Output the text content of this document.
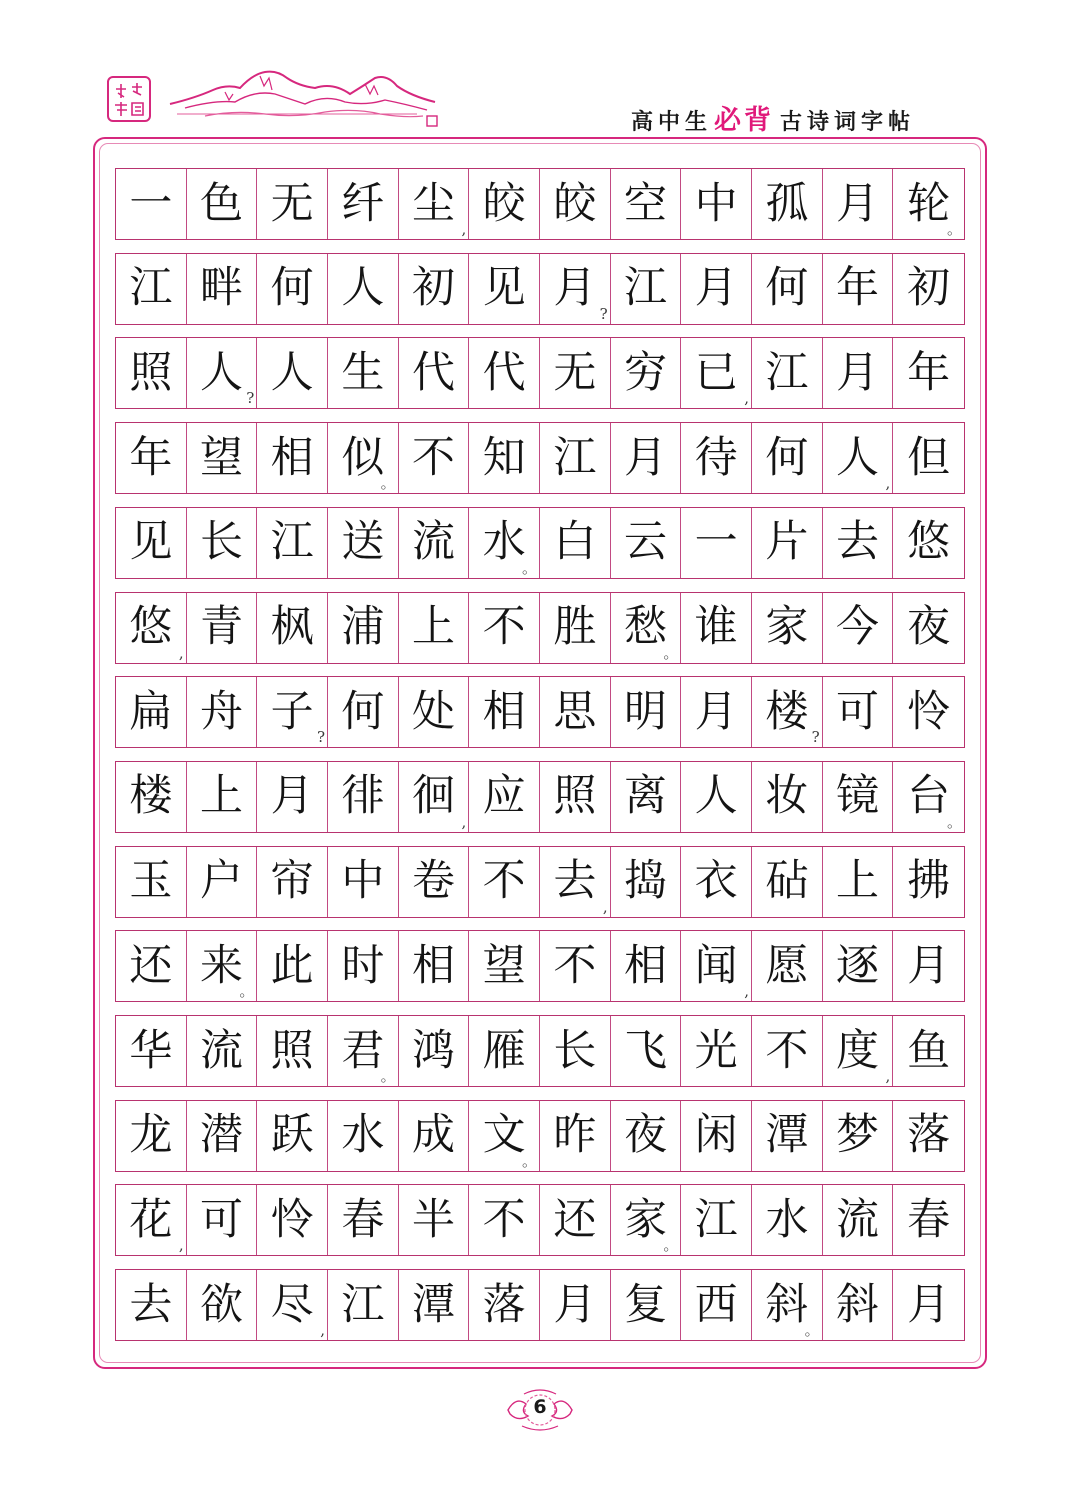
高中生 必背 古诗词字帖
一 色 无 纤 尘
,
皎 皎 空 中 孤 月 轮
。
江 畔 何 人 初 见 月
?
江 月 何 年 初
照 人
?
人 生 代 代 无 穷 已
,
江 月 年
年 望 相 似
。
不 知 江 月 待 何 人
,
但
见 长 江 送 流 水
。
白 云 一 片 去 悠
悠
,
青 枫 浦 上 不 胜 愁
。
谁 家 今 夜
扁 舟 子
?
何 处 相 思 明 月 楼
?
可 怜
楼 上 月 徘 徊
,
应 照 离 人 妆 镜 台
。
玉 户 帘 中 卷 不 去
,
捣 衣 砧 上 拂
还 来
。
此 时 相 望 不 相 闻
,
愿 逐 月
华 流 照 君
。
鸿 雁 长 飞 光 不 度
,
鱼
龙 潜 跃 水 成 文
。
昨 夜 闲 潭 梦 落
花
,
可 怜 春 半 不 还 家
。
江 水 流 春
去 欲 尽
,
江 潭 落 月 复 西 斜
。
斜 月
6
